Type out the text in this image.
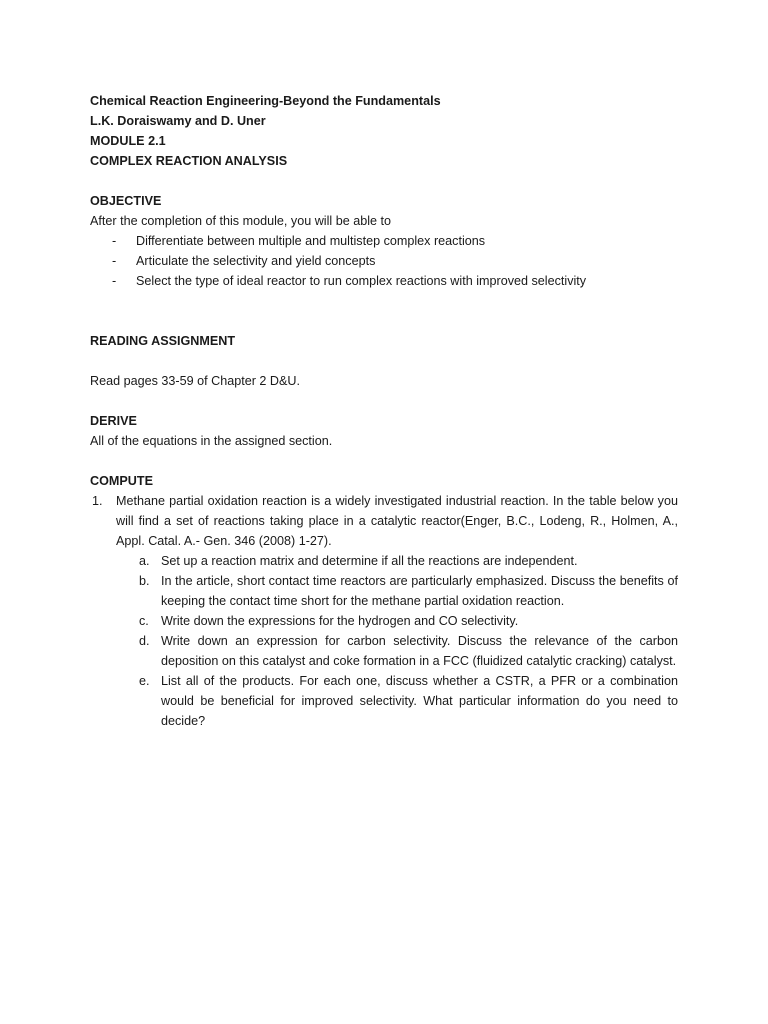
Chemical Reaction Engineering-Beyond the Fundamentals
L.K. Doraiswamy and D. Uner
MODULE 2.1
COMPLEX REACTION ANALYSIS
OBJECTIVE
After the completion of this module, you will be able to
- Differentiate between multiple and multistep complex reactions
- Articulate the selectivity and yield concepts
- Select the type of ideal reactor to run complex reactions with improved selectivity
READING ASSIGNMENT
Read pages 33-59 of Chapter 2 D&U.
DERIVE
All of the equations in the assigned section.
COMPUTE
1. Methane partial oxidation reaction is a widely investigated industrial reaction. In the table below you will find a set of reactions taking place in a catalytic reactor(Enger, B.C., Lodeng, R., Holmen, A., Appl. Catal. A.- Gen. 346 (2008) 1-27).
a. Set up a reaction matrix and determine if all the reactions are independent.
b. In the article, short contact time reactors are particularly emphasized. Discuss the benefits of keeping the contact time short for the methane partial oxidation reaction.
c. Write down the expressions for the hydrogen and CO selectivity.
d. Write down an expression for carbon selectivity. Discuss the relevance of the carbon deposition on this catalyst and coke formation in a FCC (fluidized catalytic cracking) catalyst.
e. List all of the products. For each one, discuss whether a CSTR, a PFR or a combination would be beneficial for improved selectivity. What particular information do you need to decide?
